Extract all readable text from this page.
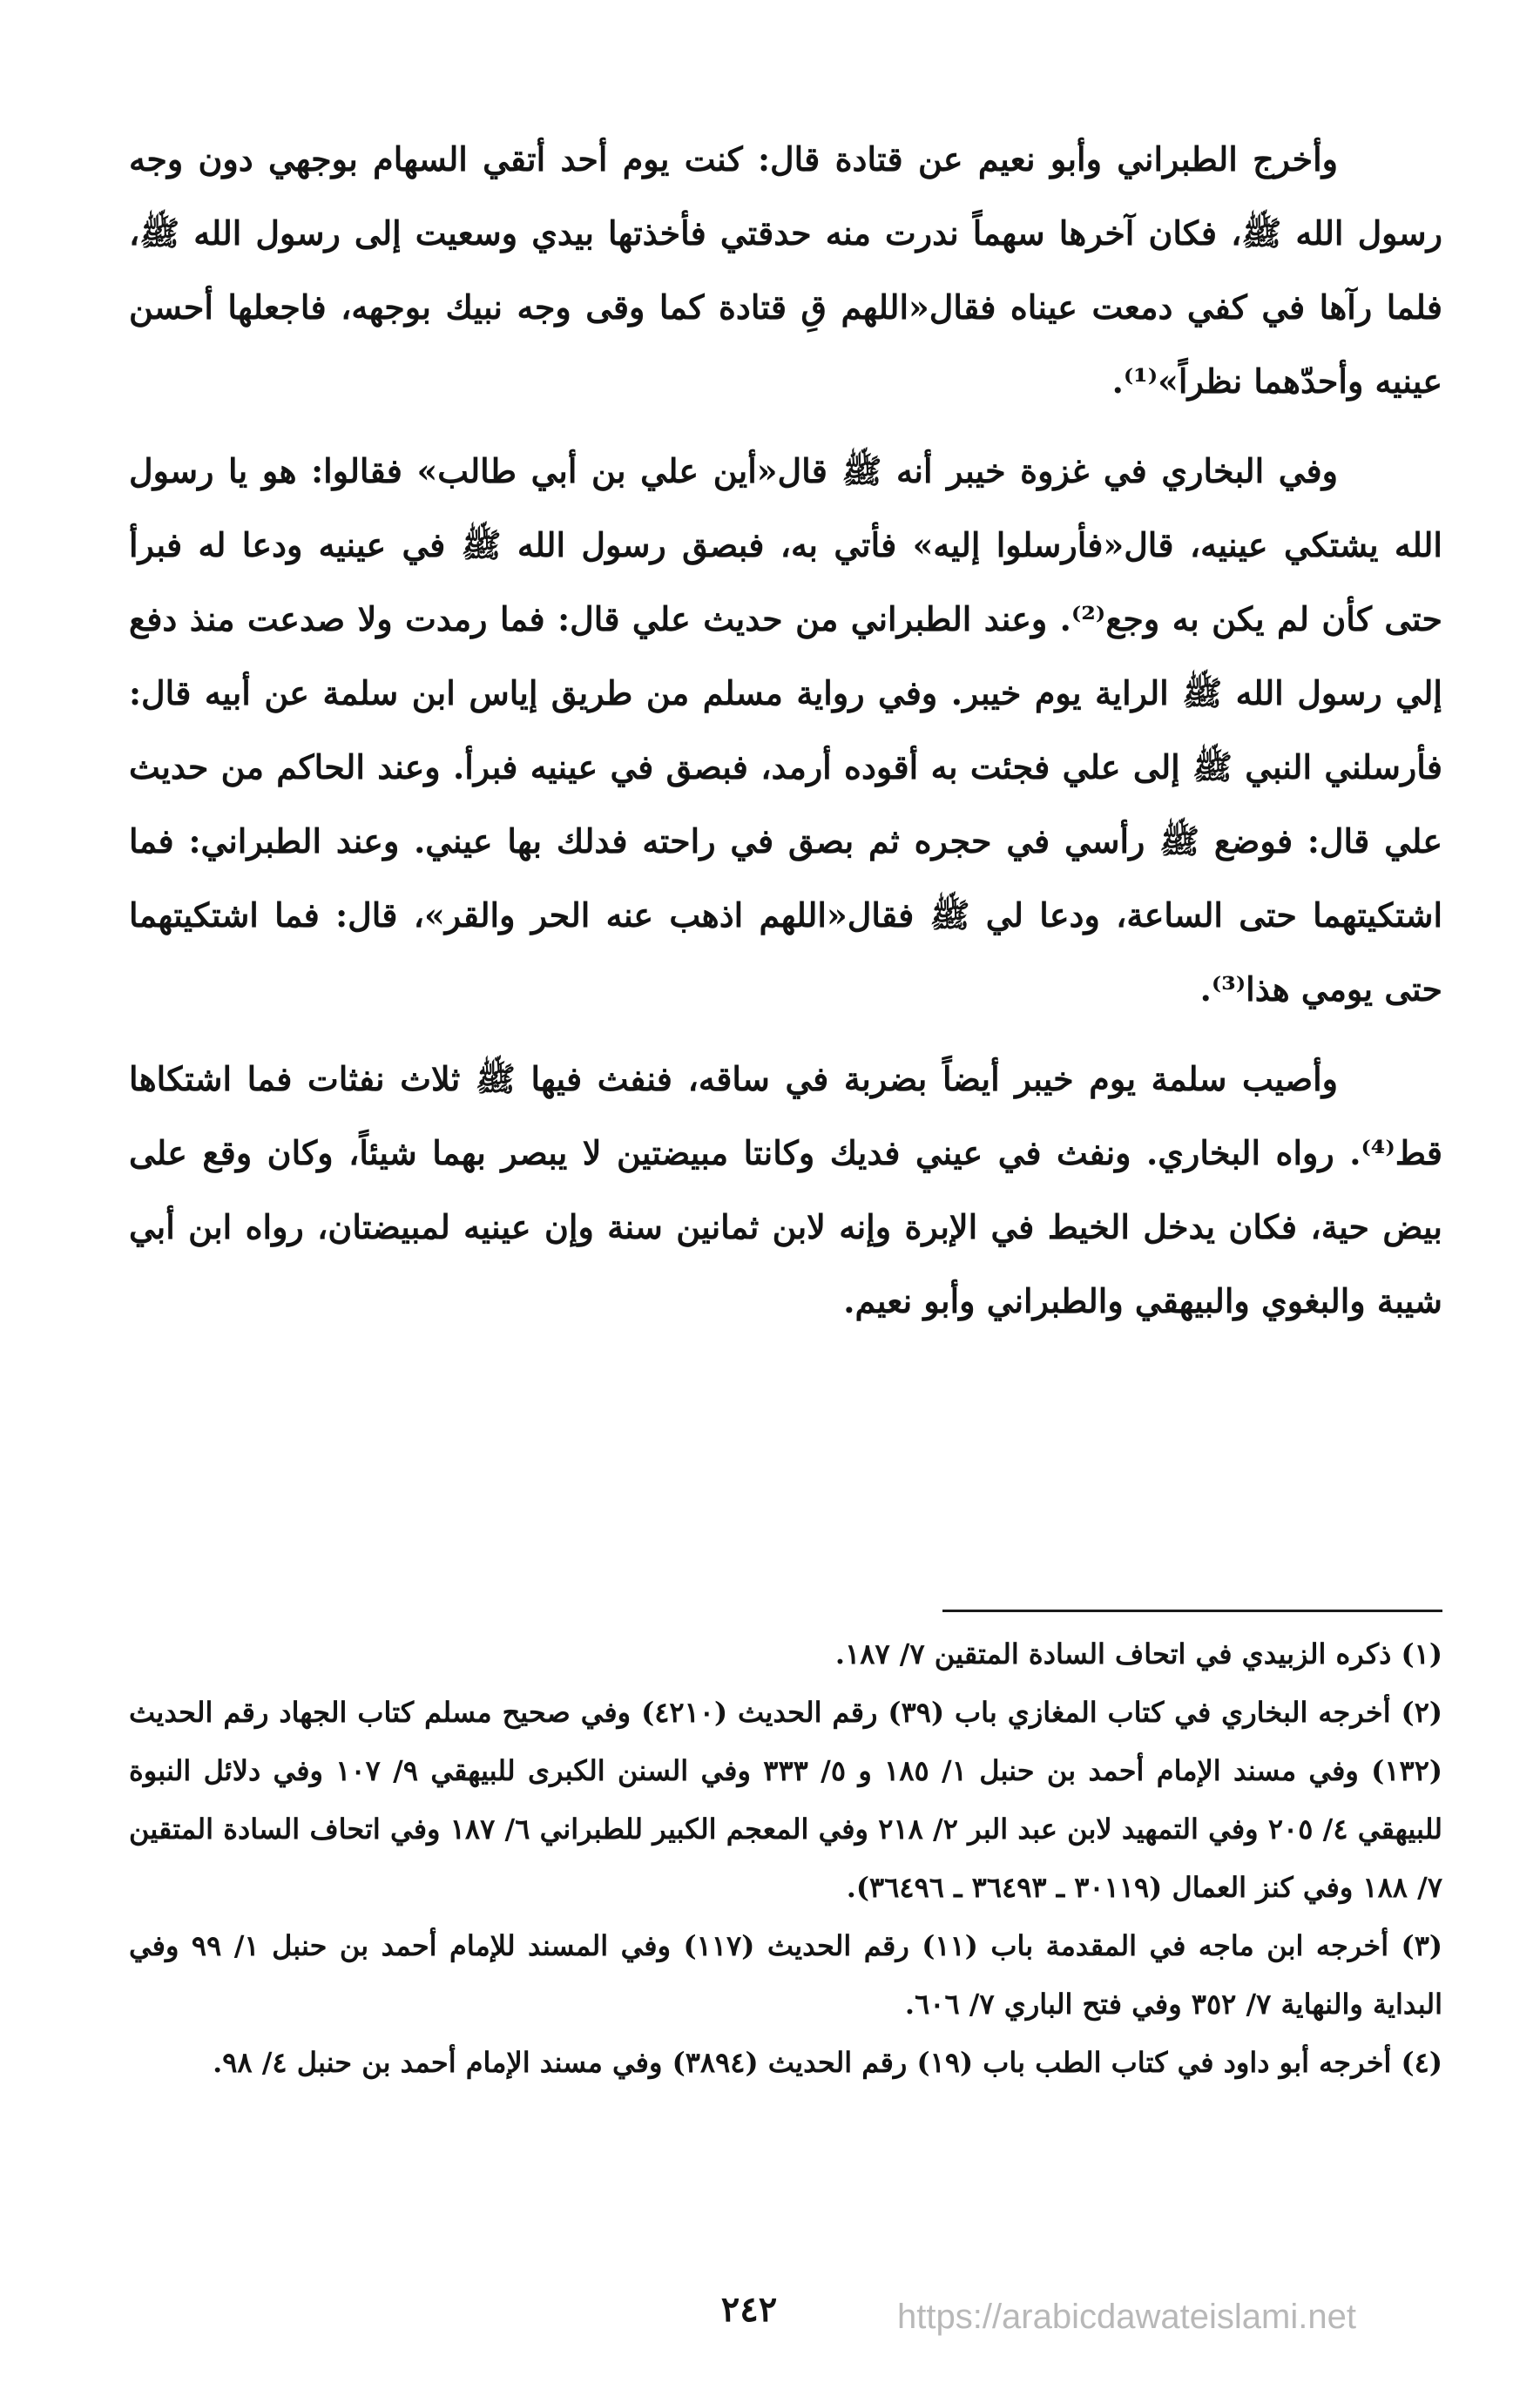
وأخرج الطبراني وأبو نعيم عن قتادة قال: كنت يوم أحد أتقي السهام بوجهي دون وجه رسول الله ﷺ، فكان آخرها سهماً ندرت منه حدقتي فأخذتها بيدي وسعيت إلى رسول الله ﷺ، فلما رآها في كفي دمعت عيناه فقال«اللهم قِ قتادة كما وقى وجه نبيك بوجهه، فاجعلها أحسن عينيه وأحدّهما نظراً»⁽¹⁾.

وفي البخاري في غزوة خيبر أنه ﷺ قال«أين علي بن أبي طالب» فقالوا: هو يا رسول الله يشتكي عينيه، قال«فأرسلوا إليه» فأتي به، فبصق رسول الله ﷺ في عينيه ودعا له فبرأ حتى كأن لم يكن به وجع⁽²⁾. وعند الطبراني من حديث علي قال: فما رمدت ولا صدعت منذ دفع إلي رسول الله ﷺ الراية يوم خيبر. وفي رواية مسلم من طريق إياس ابن سلمة عن أبيه قال: فأرسلني النبي ﷺ إلى علي فجئت به أقوده أرمد، فبصق في عينيه فبرأ. وعند الحاكم من حديث علي قال: فوضع ﷺ رأسي في حجره ثم بصق في راحته فدلك بها عيني. وعند الطبراني: فما اشتكيتهما حتى الساعة، ودعا لي ﷺ فقال«اللهم اذهب عنه الحر والقر»، قال: فما اشتكيتهما حتى يومي هذا⁽³⁾.

وأصيب سلمة يوم خيبر أيضاً بضربة في ساقه، فنفث فيها ﷺ ثلاث نفثات فما اشتكاها قط⁽⁴⁾. رواه البخاري. ونفث في عيني فديك وكانتا مبيضتين لا يبصر بهما شيئاً، وكان وقع على بيض حية، فكان يدخل الخيط في الإبرة وإنه لابن ثمانين سنة وإن عينيه لمبيضتان، رواه ابن أبي شيبة والبغوي والبيهقي والطبراني وأبو نعيم.

(١) ذكره الزبيدي في اتحاف السادة المتقين ٧/ ١٨٧.

(٢) أخرجه البخاري في كتاب المغازي باب (٣٩) رقم الحديث (٤٢١٠) وفي صحيح مسلم كتاب الجهاد رقم الحديث (١٣٢) وفي مسند الإمام أحمد بن حنبل ١/ ١٨٥ و ٥/ ٣٣٣ وفي السنن الكبرى للبيهقي ٩/ ١٠٧ وفي دلائل النبوة للبيهقي ٤/ ٢٠٥ وفي التمهيد لابن عبد البر ٢/ ٢١٨ وفي المعجم الكبير للطبراني ٦/ ١٨٧ وفي اتحاف السادة المتقين ٧/ ١٨٨ وفي كنز العمال (٣٠١١٩ ـ ٣٦٤٩٣ ـ ٣٦٤٩٦).

(٣) أخرجه ابن ماجه في المقدمة باب (١١) رقم الحديث (١١٧) وفي المسند للإمام أحمد بن حنبل ١/ ٩٩ وفي البداية والنهاية ٧/ ٣٥٢ وفي فتح الباري ٧/ ٦٠٦.

(٤) أخرجه أبو داود في كتاب الطب باب (١٩) رقم الحديث (٣٨٩٤) وفي مسند الإمام أحمد بن حنبل ٤/ ٩٨.

٢٤٢	https://arabicdawateislami.net
